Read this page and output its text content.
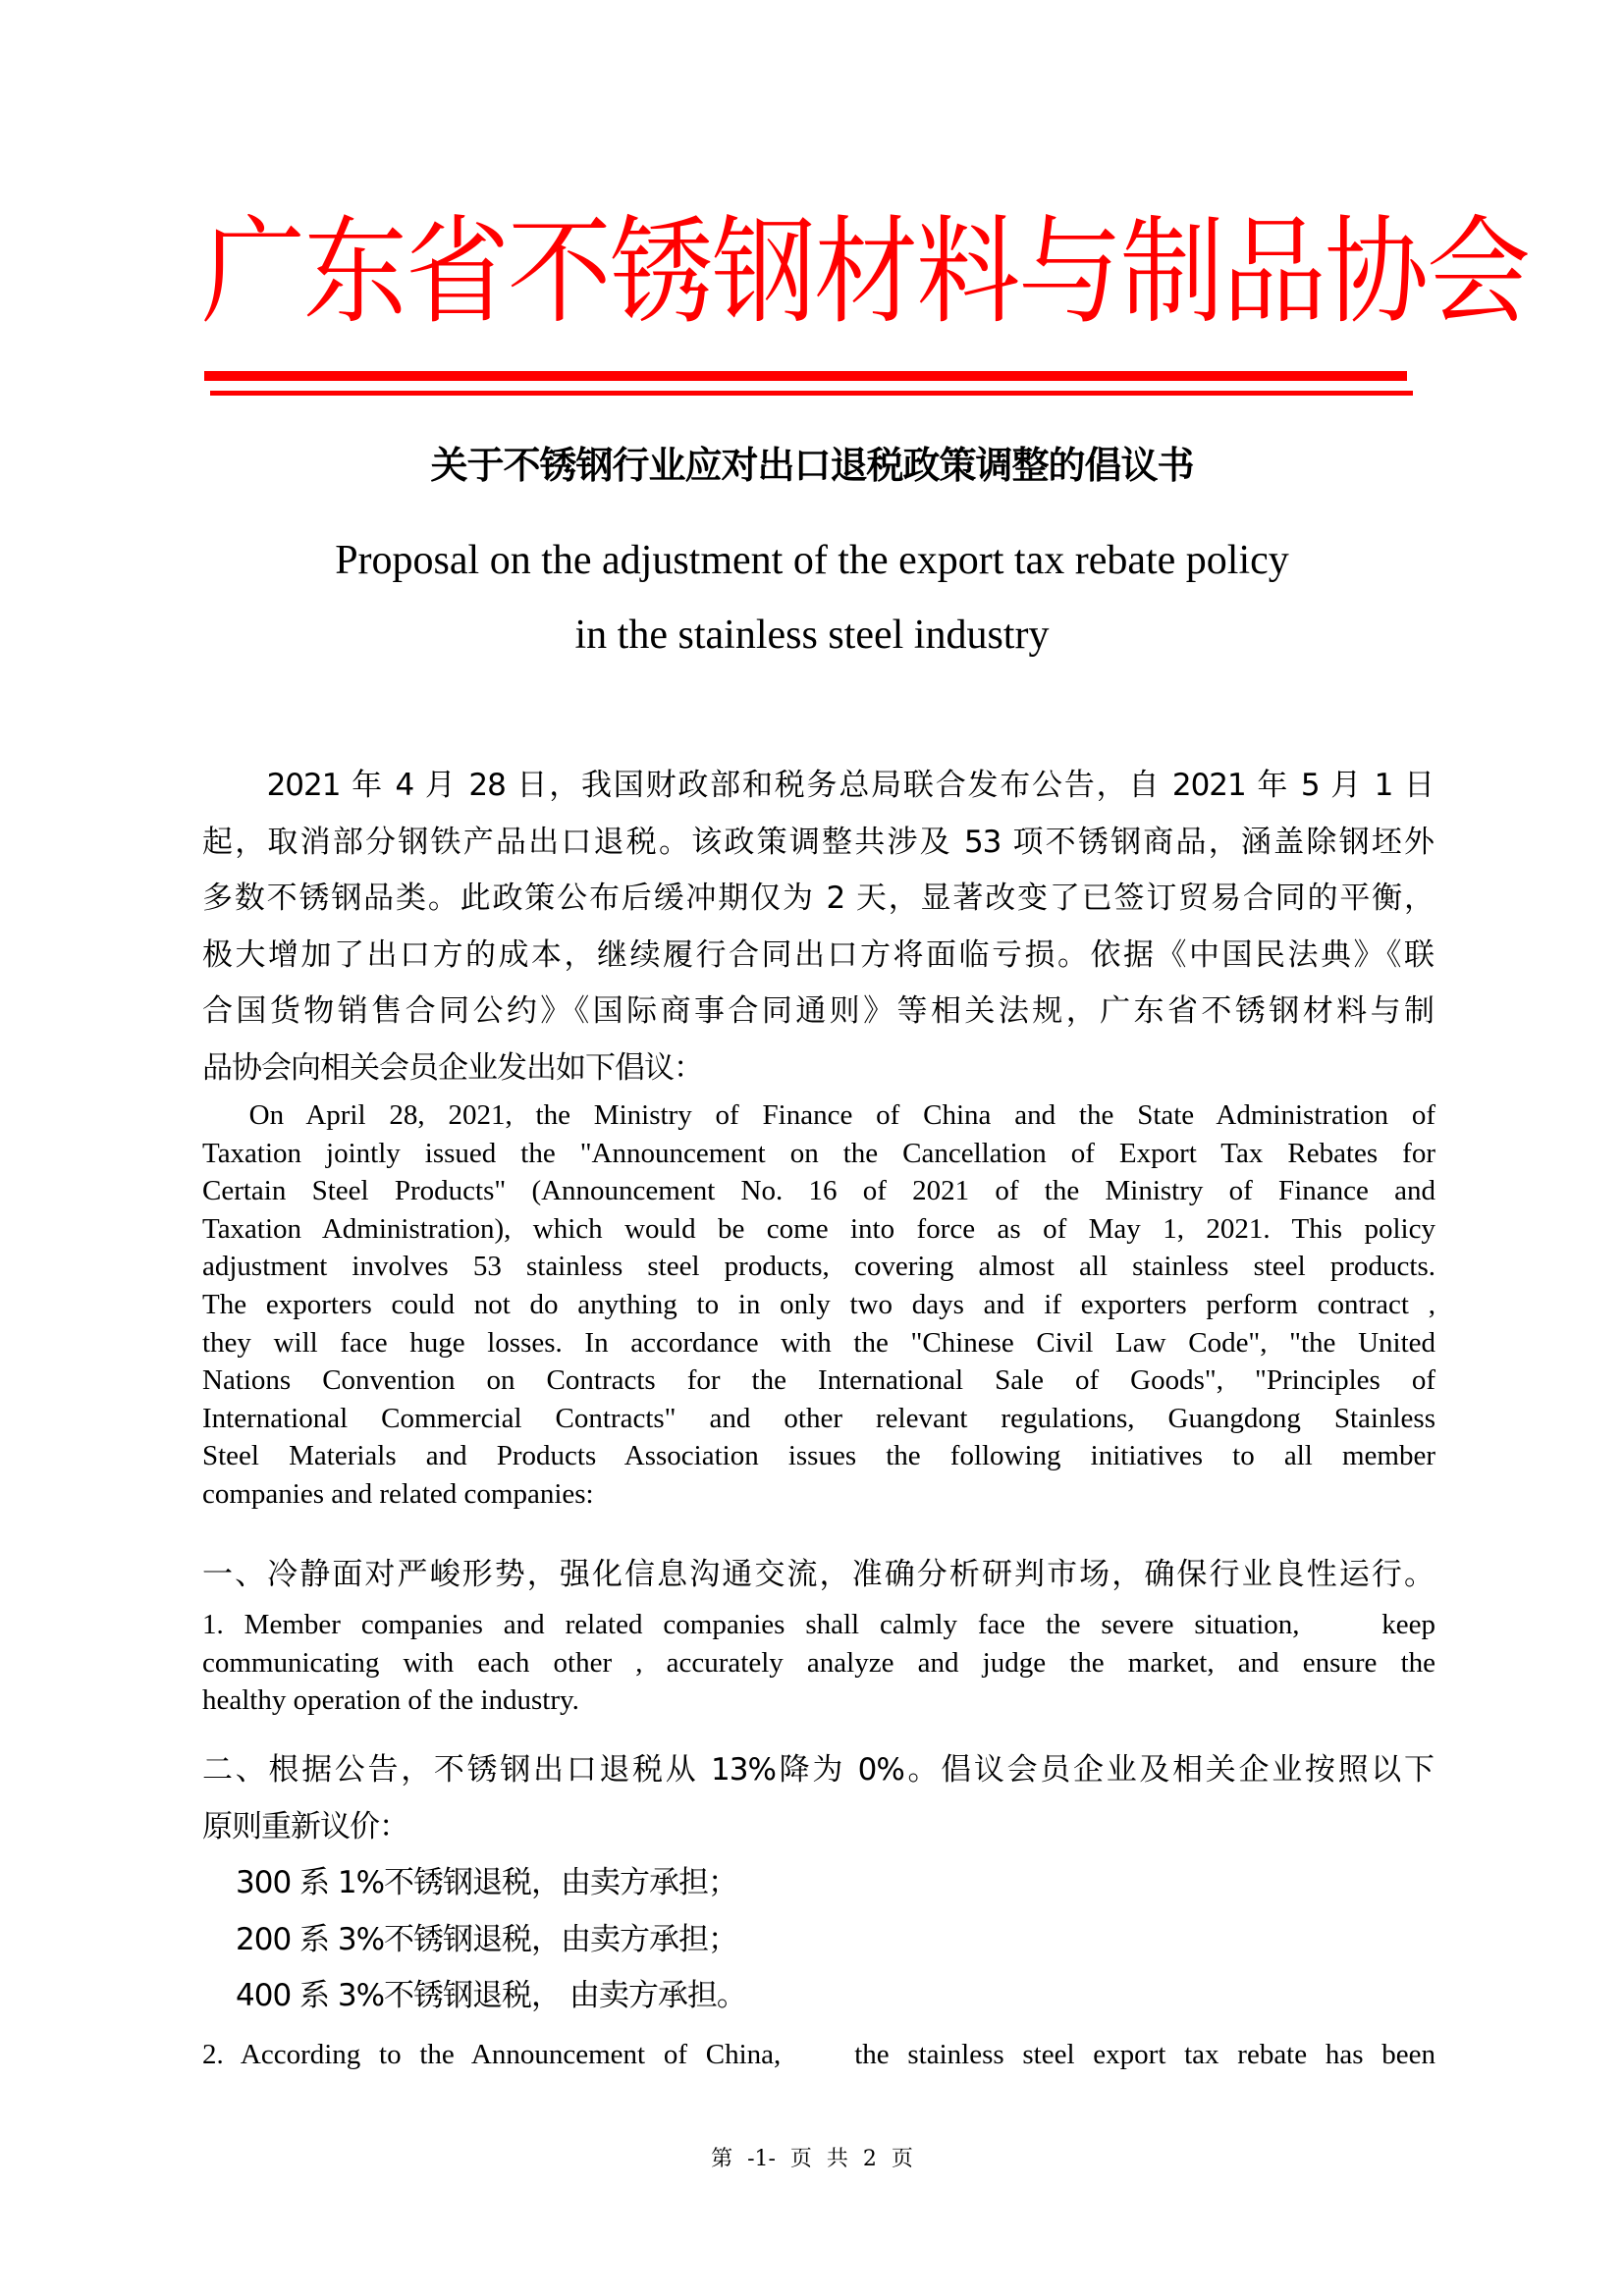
广东省不锈钢材料与制品协会
关于不锈钢行业应对出口退税政策调整的倡议书
Proposal on the adjustment of the export tax rebate policy
in the stainless steel industry
　　2021 年 4 月 28 日，我国财政部和税务总局联合发布公告，自 2021 年 5 月 1 日
起，取消部分钢铁产品出口退税。该政策调整共涉及 53 项不锈钢商品，涵盖除钢坯外
多数不锈钢品类。此政策公布后缓冲期仅为 2 天，显著改变了已签订贸易合同的平衡，
极大增加了出口方的成本，继续履行合同出口方将面临亏损。依据《中国民法典》《联
合国货物销售合同公约》《国际商事合同通则》等相关法规，广东省不锈钢材料与制
品协会向相关会员企业发出如下倡议：
On April 28, 2021, the Ministry of Finance of China and the State Administration of
Taxation jointly issued the "Announcement on the Cancellation of Export Tax Rebates for
Certain Steel Products" (Announcement No. 16 of 2021 of the Ministry of Finance and
Taxation Administration), which would be come into force as of May 1, 2021. This policy
adjustment involves 53 stainless steel products, covering almost all stainless steel products.
The exporters could not do anything to in only two days and if exporters perform contract ,
they will face huge losses. In accordance with the "Chinese Civil Law Code", "the United
Nations Convention on Contracts for the International Sale of Goods", "Principles of
International Commercial Contracts" and other relevant regulations, Guangdong Stainless
Steel Materials and Products Association issues the following initiatives to all member
companies and related companies:
一、冷静面对严峻形势，强化信息沟通交流，准确分析研判市场，确保行业良性运行。
1. Member companies and related companies shall calmly face the severe situation,    keep
communicating with each other , accurately analyze and judge the market, and ensure the
healthy operation of the industry.
二、根据公告，不锈钢出口退税从 13%降为 0%。倡议会员企业及相关企业按照以下
原则重新议价：
300 系 1%不锈钢退税，由卖方承担；
200 系 3%不锈钢退税，由卖方承担；
400 系 3%不锈钢退税， 由卖方承担。
2. According to the Announcement of China,    the stainless steel export tax rebate has been
第 -1- 页 共 2 页
